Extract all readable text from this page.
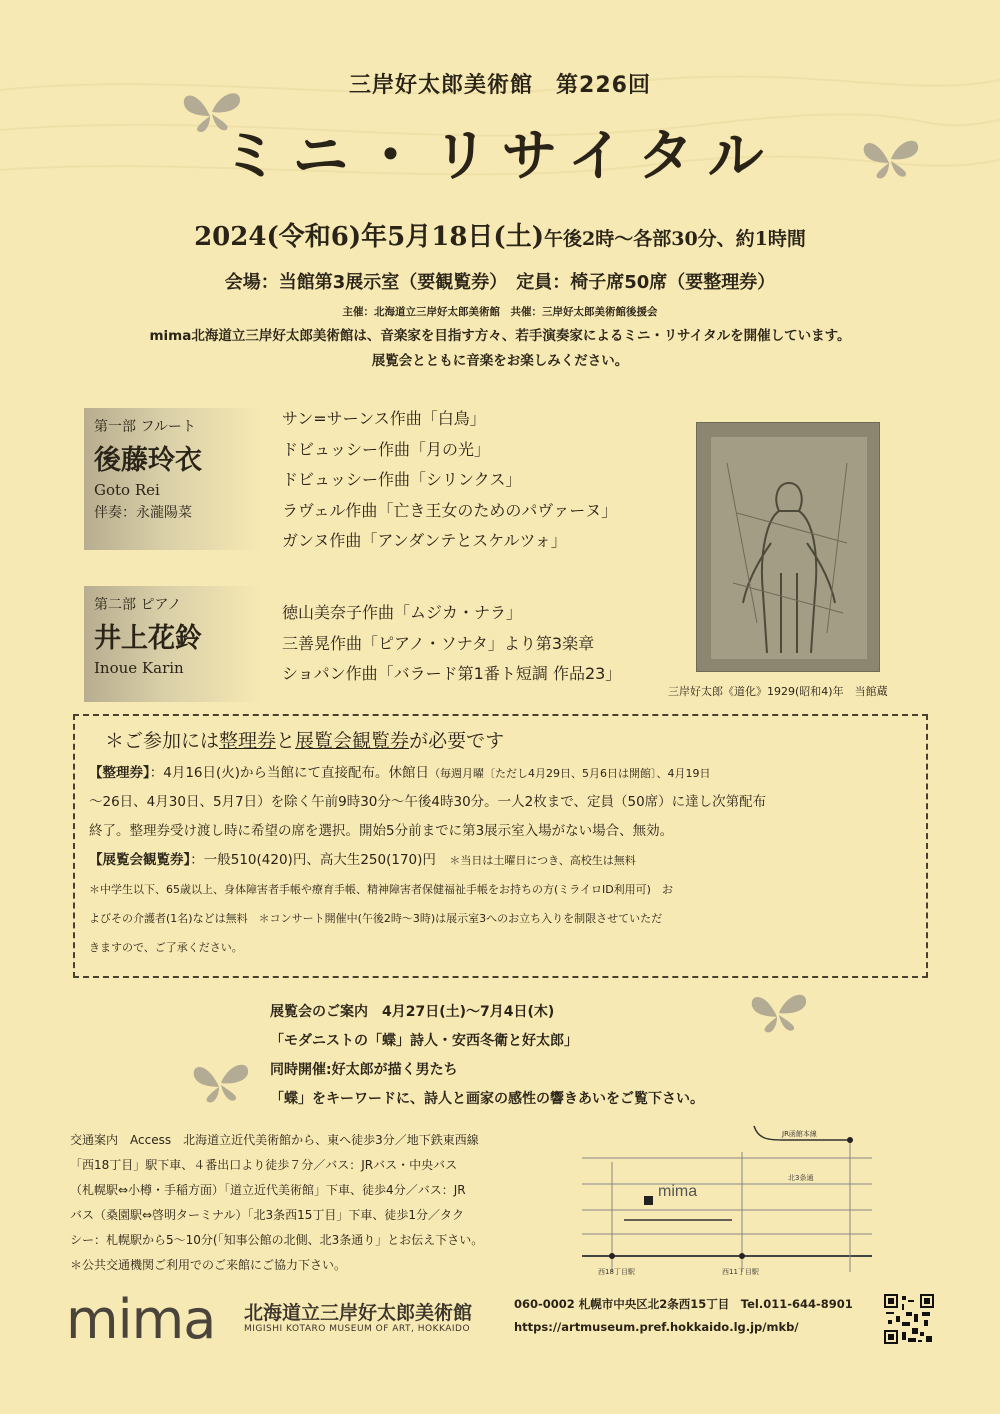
三岸好太郎美術館　第226回
ミニ・リサイタル
2024(令和6)年5月18日(土)午後2時〜各部30分、約1時間
会場：当館第3展示室（要観覧券）　定員：椅子席50席（要整理券）
主催：北海道立三岸好太郎美術館　共催：三岸好太郎美術館後援会
mima北海道立三岸好太郎美術館は、音楽家を目指す方々、若手演奏家によるミニ・リサイタルを開催しています。
展覧会とともに音楽をお楽しみください。
第一部 フルート
後藤玲衣
Goto Rei
伴奏：永瀧陽菜
サン=サーンス作曲「白鳥」
ドビュッシー作曲「月の光」
ドビュッシー作曲「シリンクス」
ラヴェル作曲「亡き王女のためのパヴァーヌ」
ガンヌ作曲「アンダンテとスケルツォ」
第二部 ピアノ
井上花鈴
Inoue Karin
徳山美奈子作曲「ムジカ・ナラ」
三善晃作曲「ピアノ・ソナタ」より第3楽章
ショパン作曲「バラード第1番ト短調 作品23」
三岸好太郎《道化》1929(昭和4)年　当館蔵
＊ご参加には整理券と展覧会観覧券が必要です

【整理券】：4月16日(火)から当館にて直接配布。休館日（毎週月曜〔ただし4月29日、5月6日は開館〕、4月19日

〜26日、4月30日、5月7日）を除く午前9時30分〜午後4時30分。一人2枚まで、定員（50席）に達し次第配布

終了。整理券受け渡し時に希望の席を選択。開始5分前までに第3展示室入場がない場合、無効。

【展覧会観覧券】：一般510(420)円、高大生250(170)円　 ＊当日は土曜日につき、高校生は無料

＊中学生以下、65歳以上、身体障害者手帳や療育手帳、精神障害者保健福祉手帳をお持ちの方(ミライロID利用可)　お

よびその介護者(1名)などは無料　＊コンサート開催中(午後2時〜3時)は展示室3へのお立ち入りを制限させていただ

きますので、ご了承ください。

展覧会のご案内　4月27日(土)〜7月4日(木)
「モダニストの「蝶」詩人・安西冬衛と好太郎」
同時開催:好太郎が描く男たち
「蝶」をキーワードに、詩人と画家の感性の響きあいをご覧下さい。
交通案内　Access　北海道立近代美術館から、東へ徒歩3分／地下鉄東西線
「西18丁目」駅下車、４番出口より徒歩７分／バス：JRバス・中央バス
（札幌駅⇔小樽・手稲方面）「道立近代美術館」下車、徒歩4分／バス：JR
バス（桑園駅⇔啓明ターミナル）「北3条西15丁目」下車、徒歩1分／タク
シー：札幌駅から5〜10分(「知事公館の北側、北3条通り」とお伝え下さい。
＊公共交通機関ご利用でのご来館にご協力下さい。
mima
西18丁目駅	西11丁目駅
JR函館本線
北3条通
mima 北海道立三岸好太郎美術館
MIGISHI KOTARO MUSEUM OF ART, HOKKAIDO
060-0002 札幌市中央区北2条西15丁目　Tel.011-644-8901
https://artmuseum.pref.hokkaido.lg.jp/mkb/
